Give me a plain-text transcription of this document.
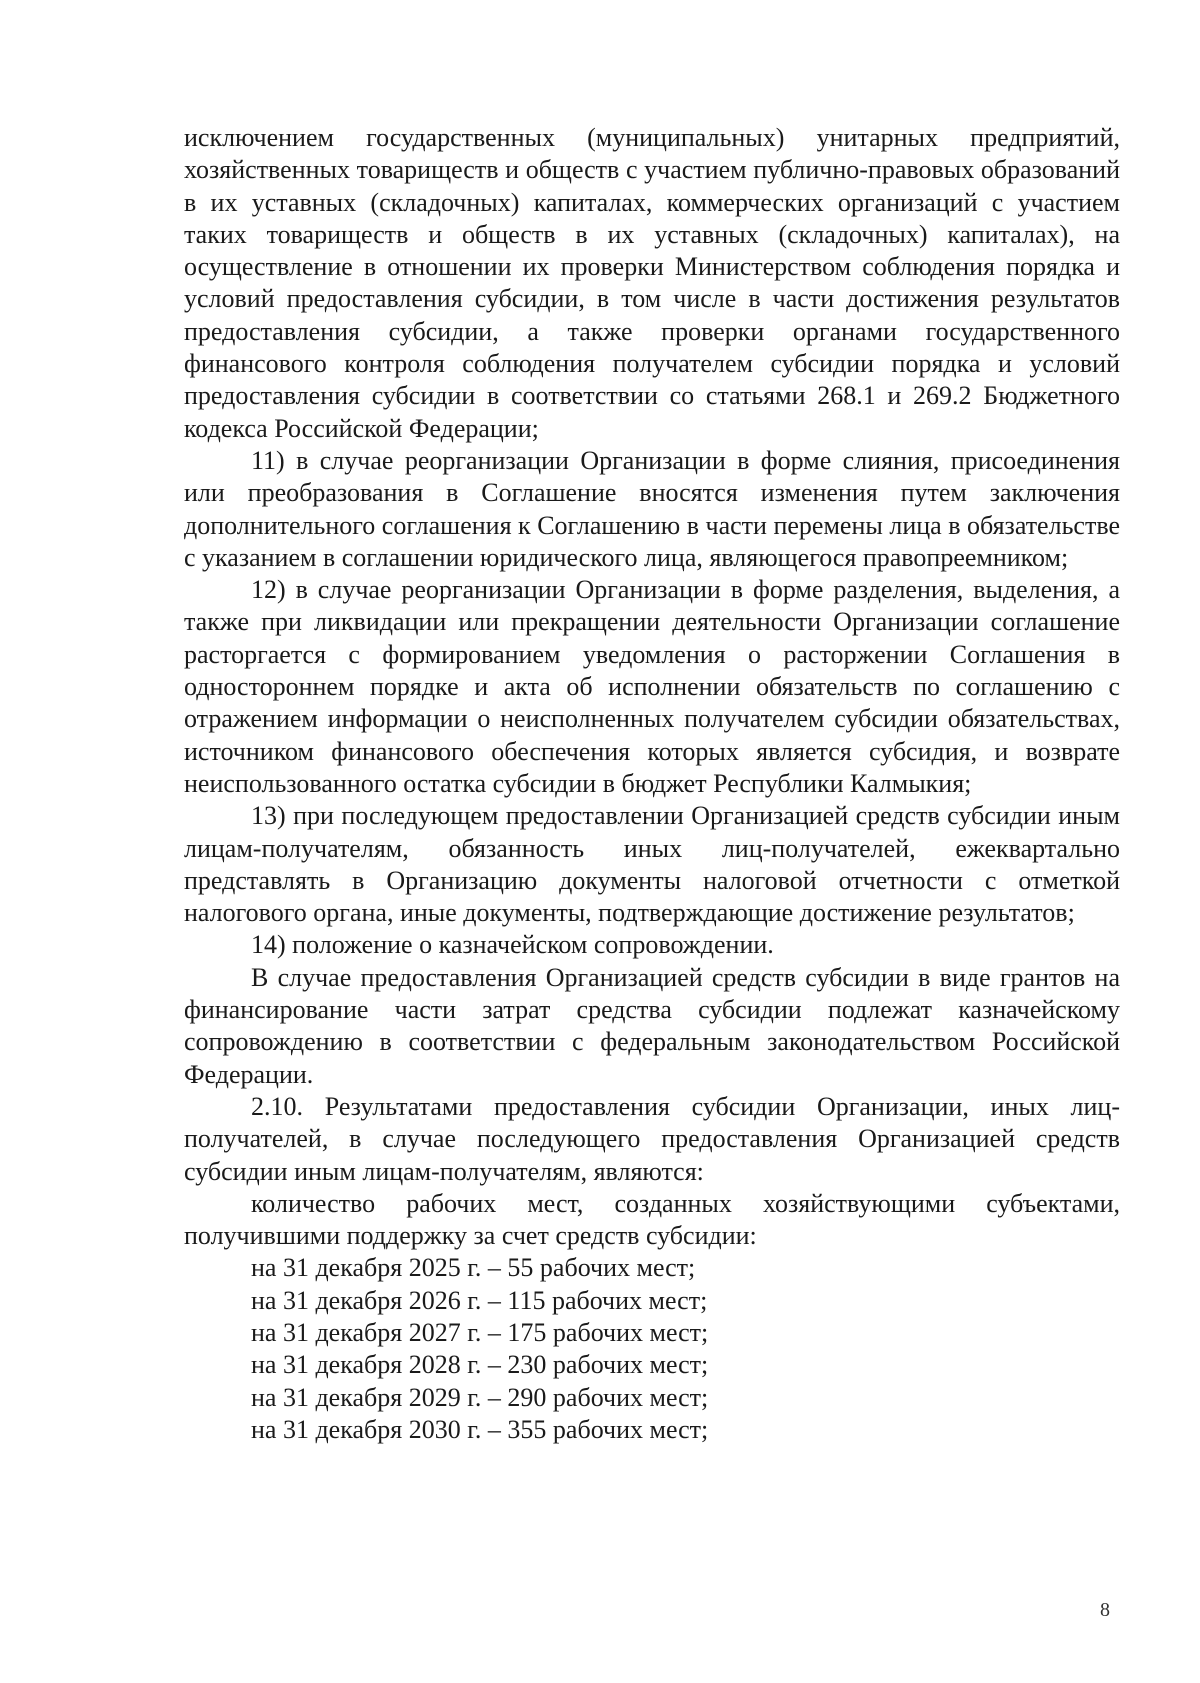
исключением государственных (муниципальных) унитарных предприятий, хозяйственных товариществ и обществ с участием публично-правовых образований в их уставных (складочных) капиталах, коммерческих организаций с участием таких товариществ и обществ в их уставных (складочных) капиталах), на осуществление в отношении их проверки Министерством соблюдения порядка и условий предоставления субсидии, в том числе в части достижения результатов предоставления субсидии, а также проверки органами государственного финансового контроля соблюдения получателем субсидии порядка и условий предоставления субсидии в соответствии со статьями 268.1 и 269.2 Бюджетного кодекса Российской Федерации;

11) в случае реорганизации Организации в форме слияния, присоединения или преобразования в Соглашение вносятся изменения путем заключения дополнительного соглашения к Соглашению в части перемены лица в обязательстве с указанием в соглашении юридического лица, являющегося правопреемником;

12) в случае реорганизации Организации в форме разделения, выделения, а также при ликвидации или прекращении деятельности Организации соглашение расторгается с формированием уведомления о расторжении Соглашения в одностороннем порядке и акта об исполнении обязательств по соглашению с отражением информации о неисполненных получателем субсидии обязательствах, источником финансового обеспечения которых является субсидия, и возврате неиспользованного остатка субсидии в бюджет Республики Калмыкия;

13) при последующем предоставлении Организацией средств субсидии иным лицам-получателям, обязанность иных лиц-получателей, ежеквартально представлять в Организацию документы налоговой отчетности с отметкой налогового органа, иные документы, подтверждающие достижение результатов;

14) положение о казначейском сопровождении.

В случае предоставления Организацией средств субсидии в виде грантов на финансирование части затрат средства субсидии подлежат казначейскому сопровождению в соответствии с федеральным законодательством Российской Федерации.

2.10. Результатами предоставления субсидии Организации, иных лиц-получателей, в случае последующего предоставления Организацией средств субсидии иным лицам-получателям, являются:

количество рабочих мест, созданных хозяйствующими субъектами, получившими поддержку за счет средств субсидии:

на 31 декабря 2025 г. – 55 рабочих мест;

на 31 декабря 2026 г. – 115 рабочих мест;

на 31 декабря 2027 г. – 175 рабочих мест;

на 31 декабря 2028 г. – 230 рабочих мест;

на 31 декабря 2029 г. – 290 рабочих мест;

на 31 декабря 2030 г. – 355 рабочих мест;

8
